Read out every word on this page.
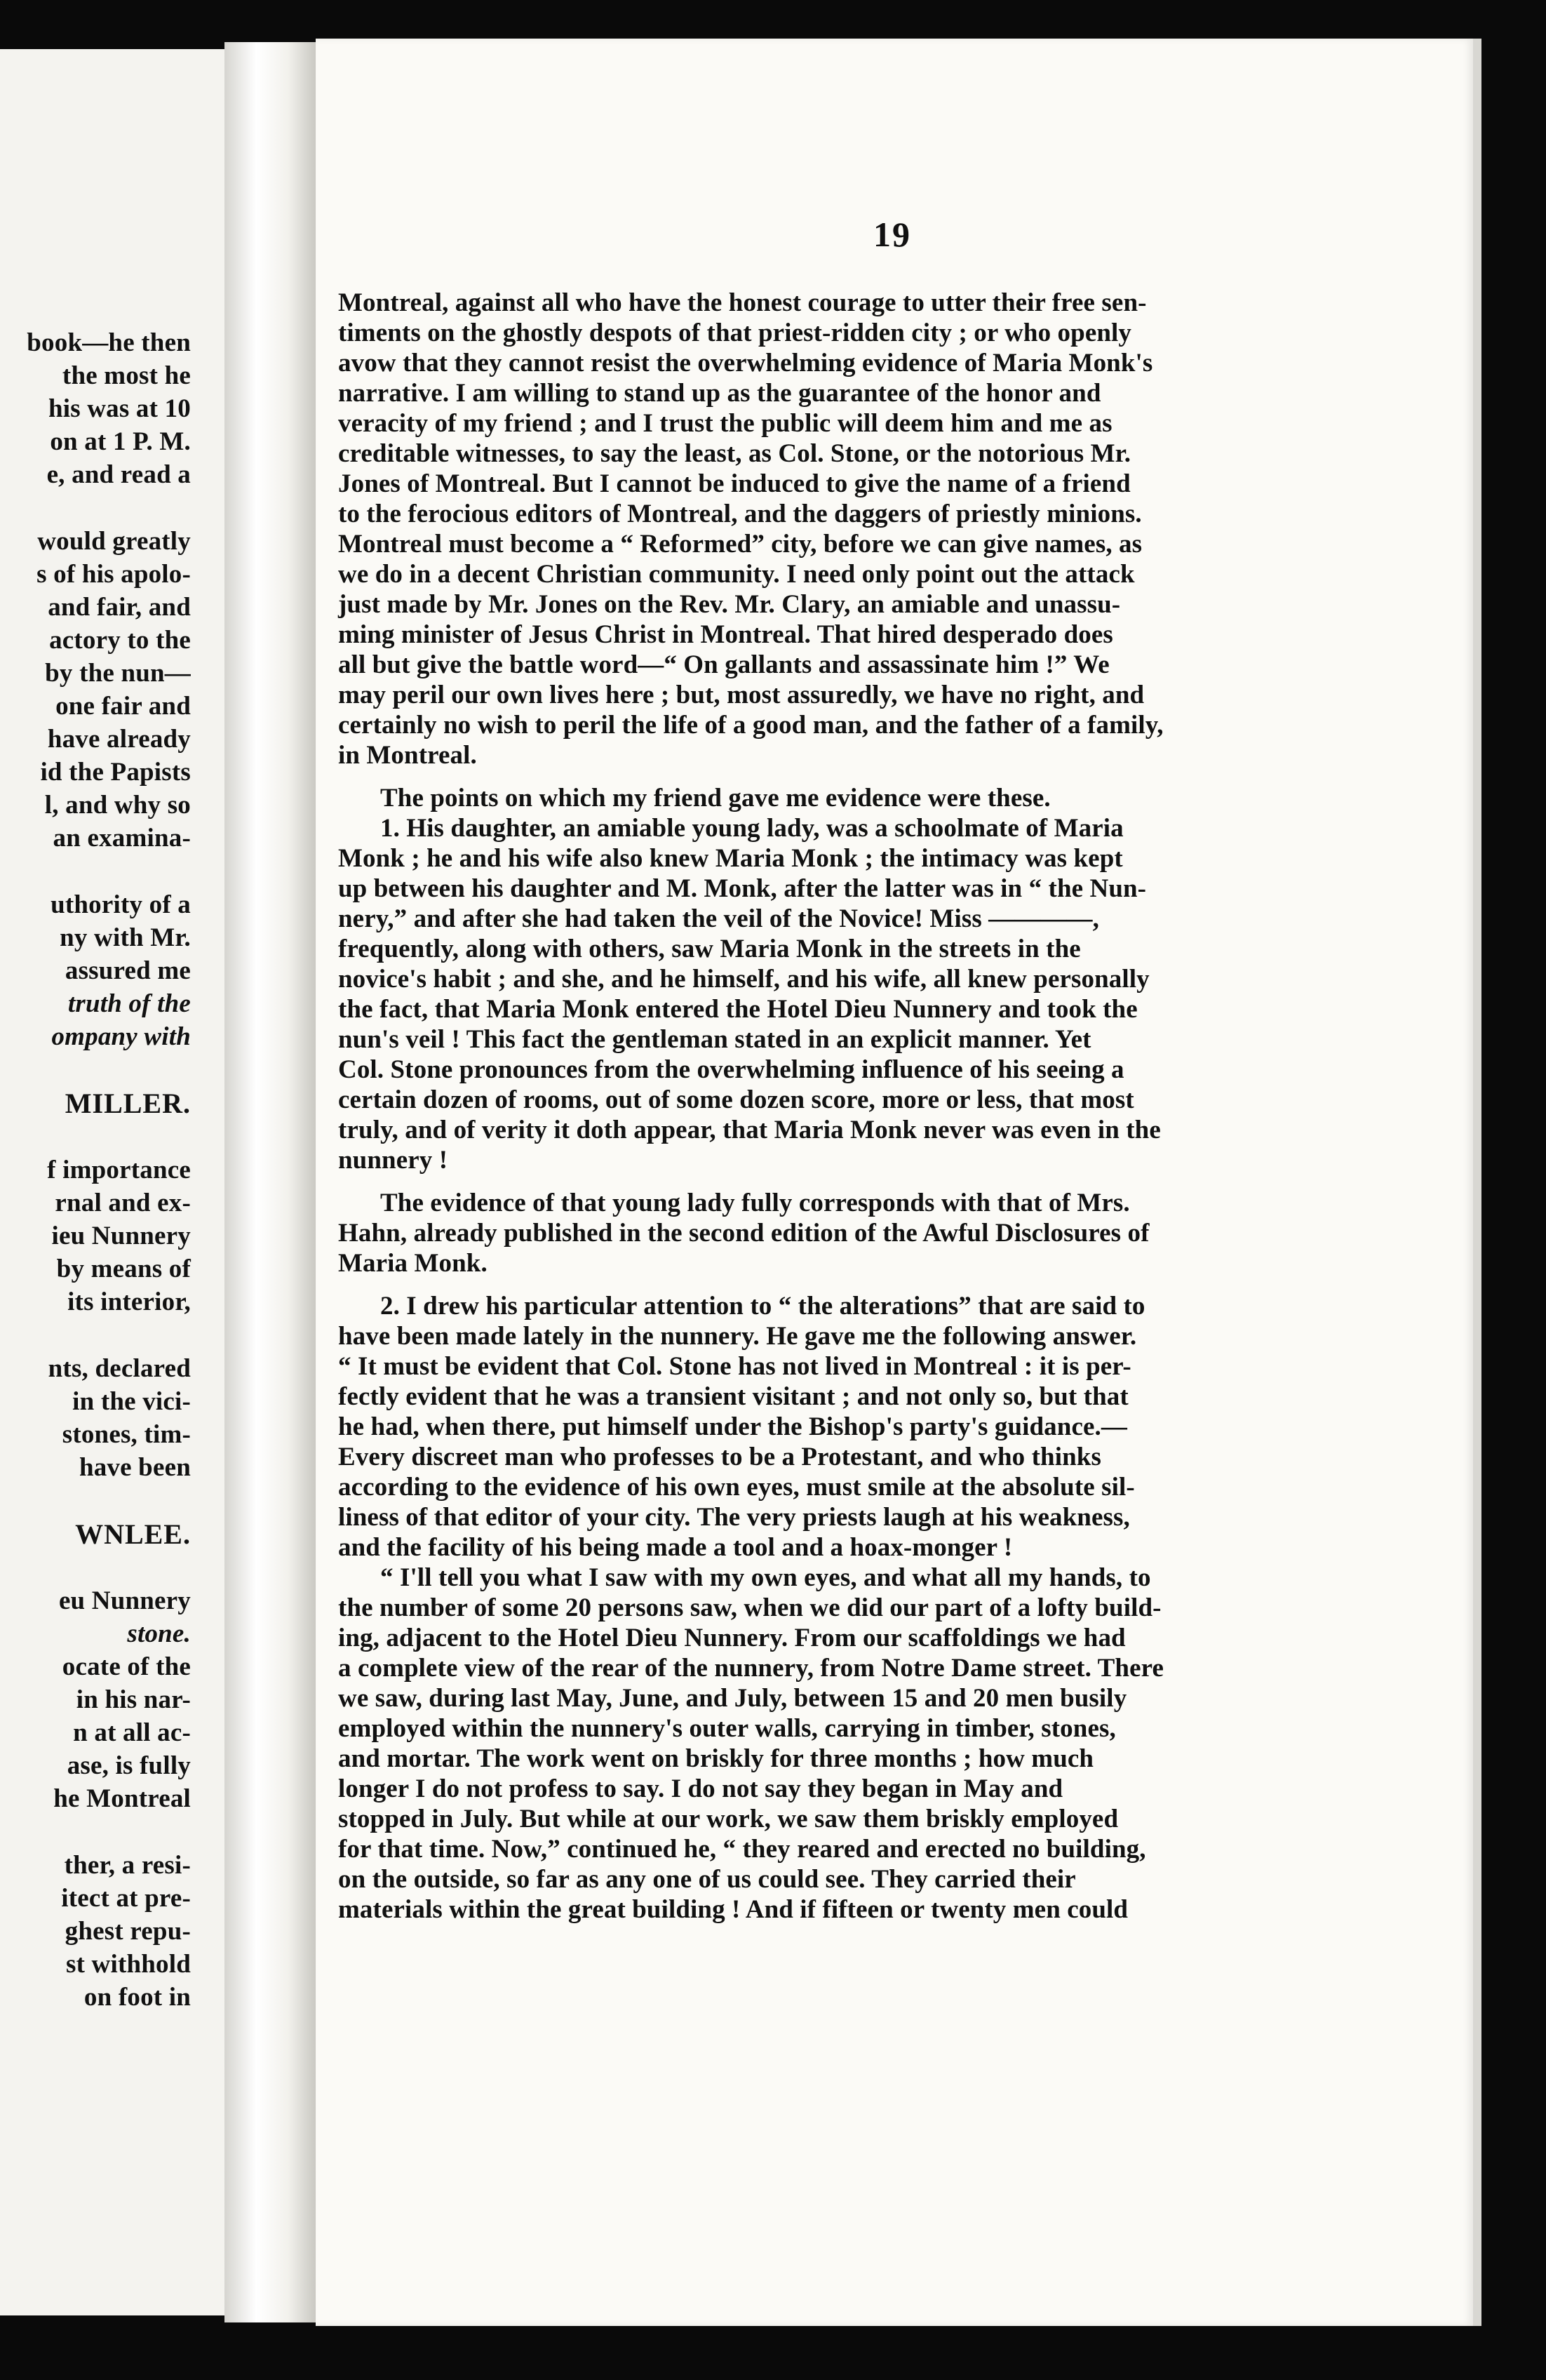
book—he then
the most he
his was at 10
on at 1 P. M.
e, and read a
would greatly
s of his apolo-
and fair, and
actory to the
by the nun—
one fair and
have already
id the Papists
l, and why so
an examina-
uthority of a
ny with Mr.
assured me
truth of the
ompany with
MILLER.
f importance
rnal and ex-
ieu Nunnery
by means of
its interior,
nts, declared
in the vici-
stones, tim-
have been
WNLEE.
eu Nunnery
stone.
ocate of the
in his nar-
n at all ac-
ase, is fully
he Montreal
ther, a resi-
itect at pre-
ghest repu-
st withhold
on foot in
19
Montreal, against all who have the honest courage to utter their free sen-
timents on the ghostly despots of that priest-ridden city ; or who openly
avow that they cannot resist the overwhelming evidence of Maria Monk's
narrative. I am willing to stand up as the guarantee of the honor and
veracity of my friend ; and I trust the public will deem him and me as
creditable witnesses, to say the least, as Col. Stone, or the notorious Mr.
Jones of Montreal. But I cannot be induced to give the name of a friend
to the ferocious editors of Montreal, and the daggers of priestly minions.
Montreal must become a “ Reformed” city, before we can give names, as
we do in a decent Christian community. I need only point out the attack
just made by Mr. Jones on the Rev. Mr. Clary, an amiable and unassu-
ming minister of Jesus Christ in Montreal. That hired desperado does
all but give the battle word—“ On gallants and assassinate him !” We
may peril our own lives here ; but, most assuredly, we have no right, and
certainly no wish to peril the life of a good man, and the father of a family,
in Montreal.
The points on which my friend gave me evidence were these.
1. His daughter, an amiable young lady, was a schoolmate of Maria
Monk ; he and his wife also knew Maria Monk ; the intimacy was kept
up between his daughter and M. Monk, after the latter was in “ the Nun-
nery,” and after she had taken the veil of the Novice! Miss ————,
frequently, along with others, saw Maria Monk in the streets in the
novice's habit ; and she, and he himself, and his wife, all knew personally
the fact, that Maria Monk entered the Hotel Dieu Nunnery and took the
nun's veil ! This fact the gentleman stated in an explicit manner. Yet
Col. Stone pronounces from the overwhelming influence of his seeing a
certain dozen of rooms, out of some dozen score, more or less, that most
truly, and of verity it doth appear, that Maria Monk never was even in the
nunnery !
The evidence of that young lady fully corresponds with that of Mrs.
Hahn, already published in the second edition of the Awful Disclosures of
Maria Monk.
2. I drew his particular attention to “ the alterations” that are said to
have been made lately in the nunnery. He gave me the following answer.
“ It must be evident that Col. Stone has not lived in Montreal : it is per-
fectly evident that he was a transient visitant ; and not only so, but that
he had, when there, put himself under the Bishop's party's guidance.—
Every discreet man who professes to be a Protestant, and who thinks
according to the evidence of his own eyes, must smile at the absolute sil-
liness of that editor of your city. The very priests laugh at his weakness,
and the facility of his being made a tool and a hoax-monger !
“ I'll tell you what I saw with my own eyes, and what all my hands, to
the number of some 20 persons saw, when we did our part of a lofty build-
ing, adjacent to the Hotel Dieu Nunnery. From our scaffoldings we had
a complete view of the rear of the nunnery, from Notre Dame street. There
we saw, during last May, June, and July, between 15 and 20 men busily
employed within the nunnery's outer walls, carrying in timber, stones,
and mortar. The work went on briskly for three months ; how much
longer I do not profess to say. I do not say they began in May and
stopped in July. But while at our work, we saw them briskly employed
for that time. Now,” continued he, “ they reared and erected no building,
on the outside, so far as any one of us could see. They carried their
materials within the great building ! And if fifteen or twenty men could
